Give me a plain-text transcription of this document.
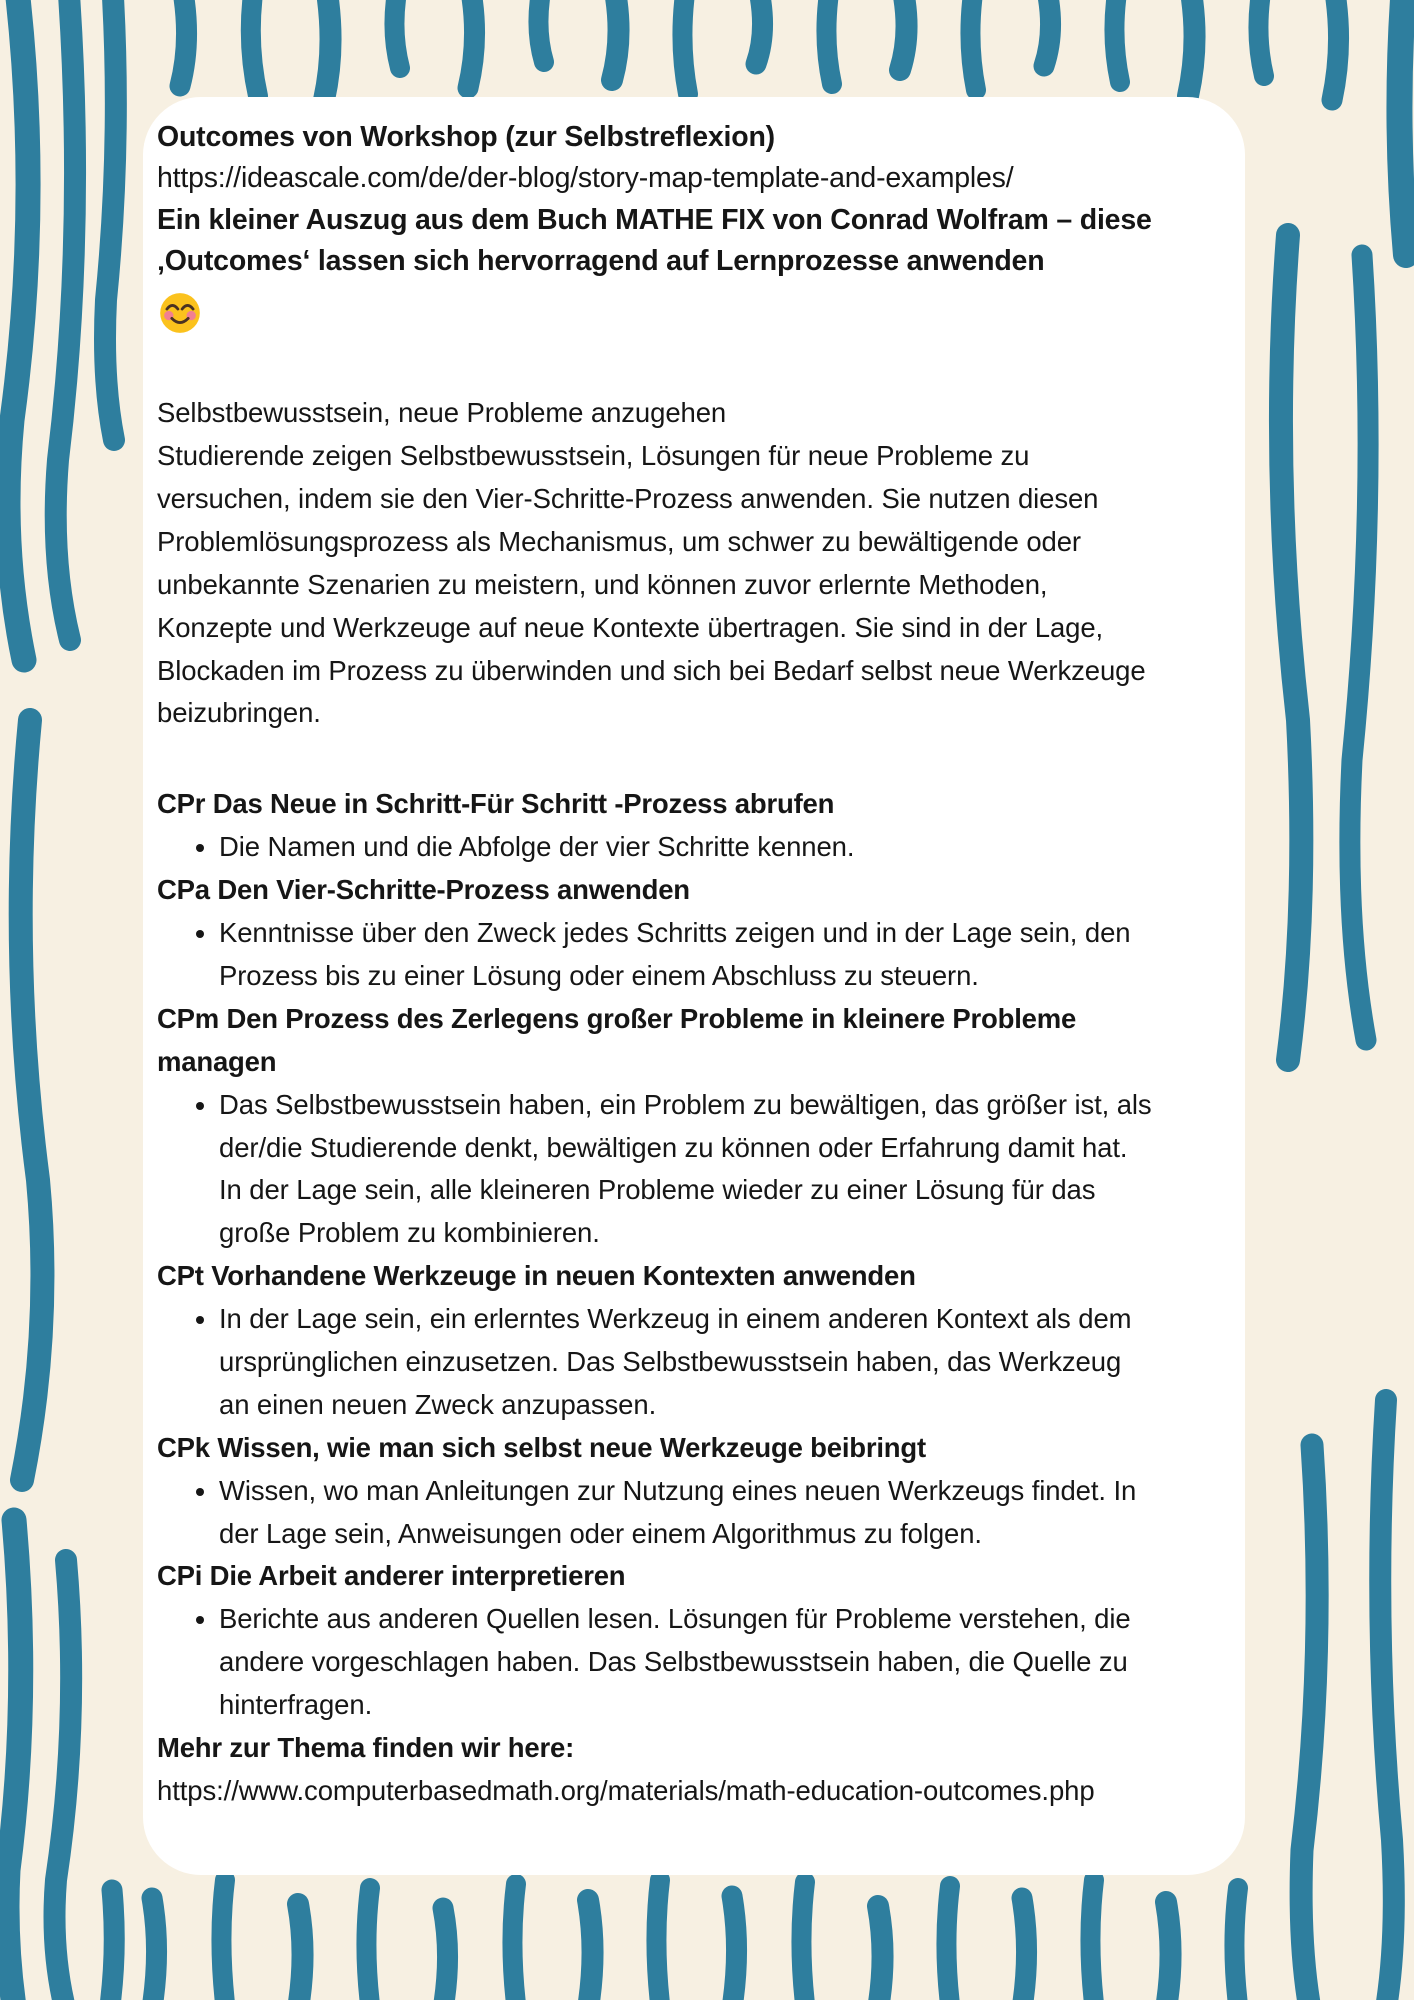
Outcomes von Workshop (zur Selbstreflexion)
https://ideascale.com/de/der-blog/story-map-template-and-examples/
Ein kleiner Auszug aus dem Buch MATHE FIX von Conrad Wolfram – diese ‚Outcomes‘ lassen sich hervorragend auf Lernprozesse anwenden
Selbstbewusstsein, neue Probleme anzugehen
Studierende zeigen Selbstbewusstsein, Lösungen für neue Probleme zu versuchen, indem sie den Vier-Schritte-Prozess anwenden. Sie nutzen diesen Problemlösungsprozess als Mechanismus, um schwer zu bewältigende oder unbekannte Szenarien zu meistern, und können zuvor erlernte Methoden, Konzepte und Werkzeuge auf neue Kontexte übertragen. Sie sind in der Lage, Blockaden im Prozess zu überwinden und sich bei Bedarf selbst neue Werkzeuge beizubringen.
CPr Das Neue in Schritt-Für Schritt -Prozess abrufen
• Die Namen und die Abfolge der vier Schritte kennen.
CPa Den Vier-Schritte-Prozess anwenden
• Kenntnisse über den Zweck jedes Schritts zeigen und in der Lage sein, den Prozess bis zu einer Lösung oder einem Abschluss zu steuern.
CPm Den Prozess des Zerlegens großer Probleme in kleinere Probleme managen
• Das Selbstbewusstsein haben, ein Problem zu bewältigen, das größer ist, als der/die Studierende denkt, bewältigen zu können oder Erfahrung damit hat. In der Lage sein, alle kleineren Probleme wieder zu einer Lösung für das große Problem zu kombinieren.
CPt Vorhandene Werkzeuge in neuen Kontexten anwenden
• In der Lage sein, ein erlerntes Werkzeug in einem anderen Kontext als dem ursprünglichen einzusetzen. Das Selbstbewusstsein haben, das Werkzeug an einen neuen Zweck anzupassen.
CPk Wissen, wie man sich selbst neue Werkzeuge beibringt
• Wissen, wo man Anleitungen zur Nutzung eines neuen Werkzeugs findet. In der Lage sein, Anweisungen oder einem Algorithmus zu folgen.
CPi Die Arbeit anderer interpretieren
• Berichte aus anderen Quellen lesen. Lösungen für Probleme verstehen, die andere vorgeschlagen haben. Das Selbstbewusstsein haben, die Quelle zu hinterfragen.
Mehr zur Thema finden wir here:
https://www.computerbasedmath.org/materials/math-education-outcomes.php
